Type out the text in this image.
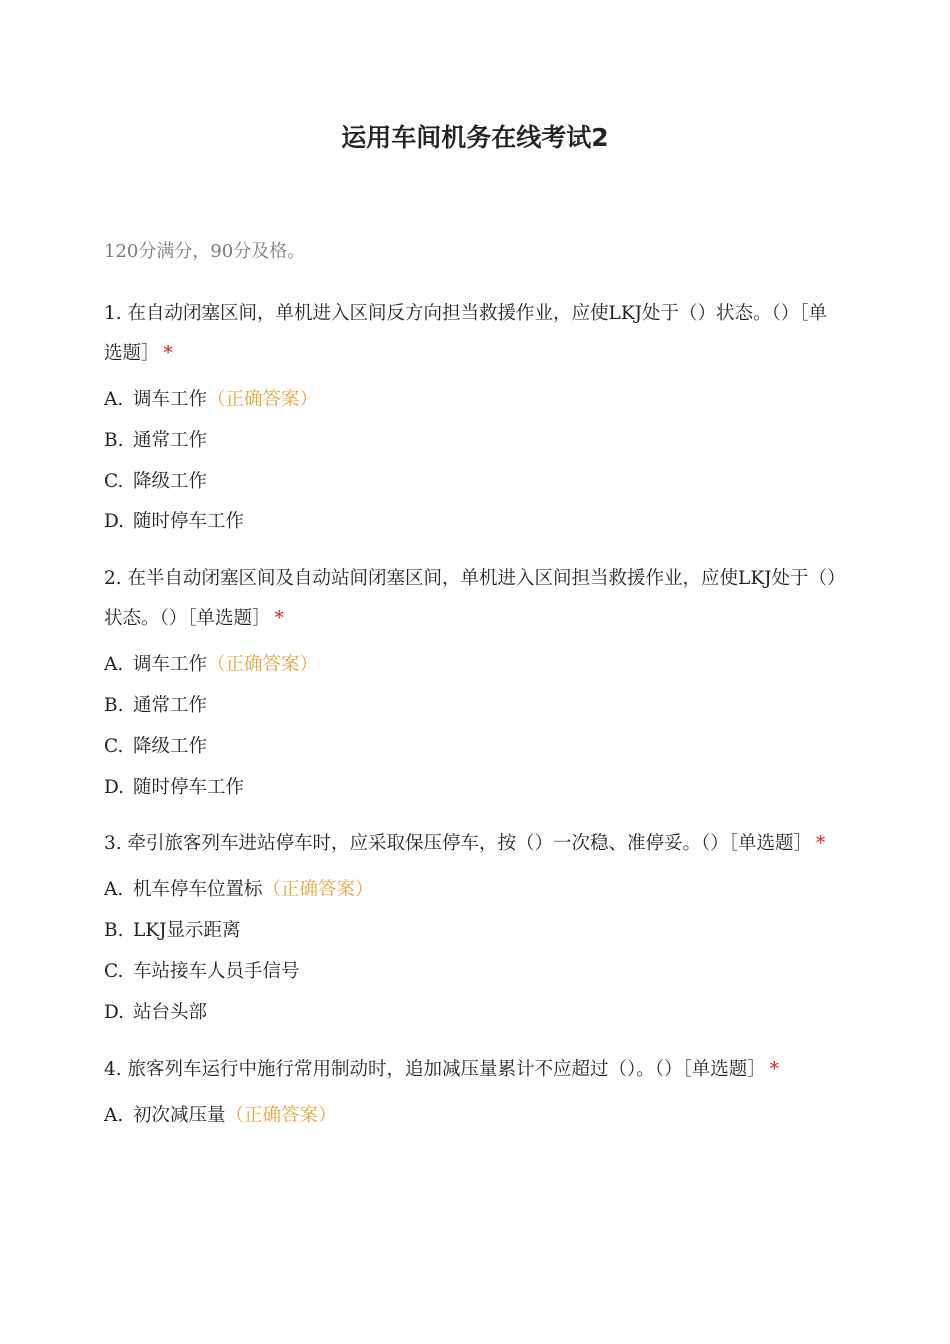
运用车间机务在线考试2

120分满分，90分及格。

1. 在自动闭塞区间，单机进入区间反方向担当救援作业，应使LKJ处于（）状态。（）［单选题］ *

A. 调车工作（正确答案）

B. 通常工作

C. 降级工作

D. 随时停车工作

2. 在半自动闭塞区间及自动站间闭塞区间，单机进入区间担当救援作业，应使LKJ处于（）状态。（）［单选题］ *

A. 调车工作（正确答案）

B. 通常工作

C. 降级工作

D. 随时停车工作

3. 牵引旅客列车进站停车时，应采取保压停车，按（）一次稳、准停妥。（）［单选题］ *

A. 机车停车位置标（正确答案）

B. LKJ显示距离

C. 车站接车人员手信号

D. 站台头部

4. 旅客列车运行中施行常用制动时，追加减压量累计不应超过（）。（）［单选题］ *

A. 初次减压量（正确答案）
